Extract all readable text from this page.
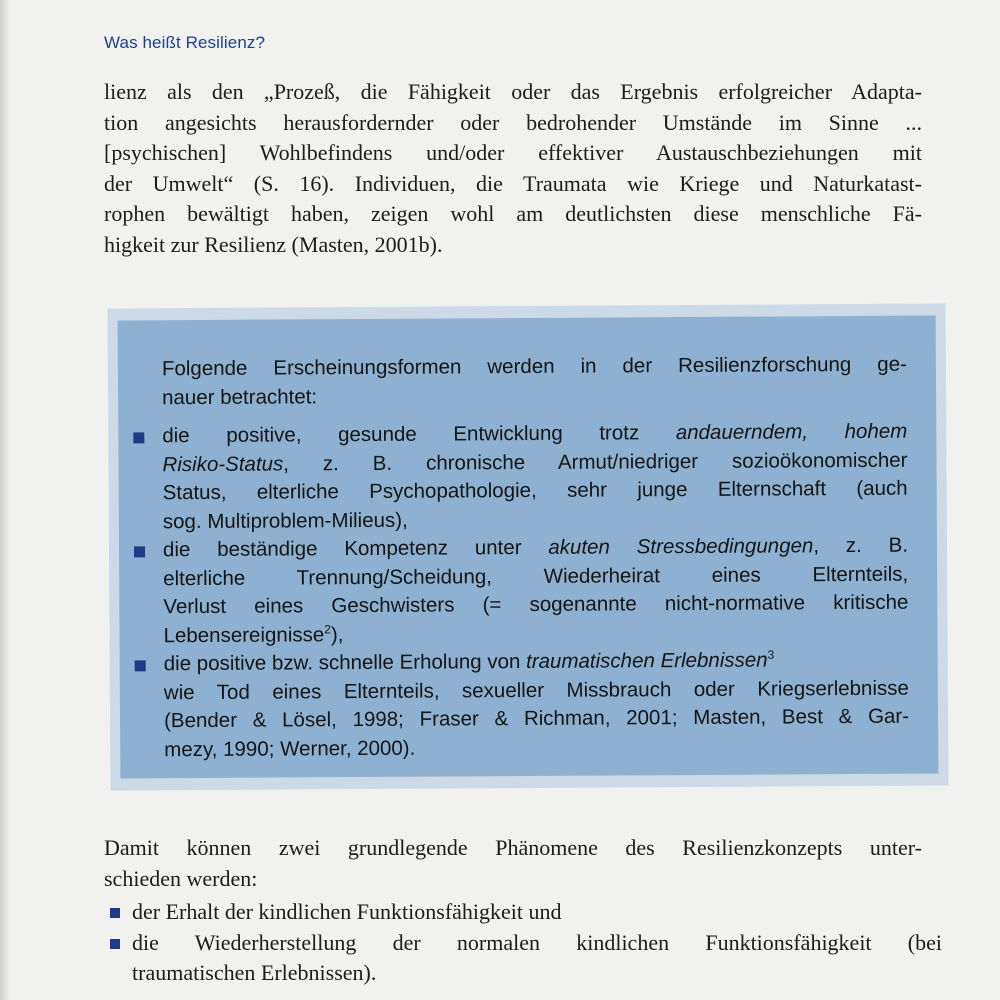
Was heißt Resilienz?
lienz als den „Prozeß, die Fähigkeit oder das Ergebnis erfolgreicher Adapta-
tion angesichts herausfordernder oder bedrohender Umstände im Sinne ...
[psychischen] Wohlbefindens und/oder effektiver Austauschbeziehungen mit
der Umwelt“ (S. 16). Individuen, die Traumata wie Kriege und Naturkatast-
rophen bewältigt haben, zeigen wohl am deutlichsten diese menschliche Fä-
higkeit zur Resilienz (Masten, 2001b).
Folgende Erscheinungsformen werden in der Resilienzforschung ge-
nauer betrachtet:
die positive, gesunde Entwicklung trotz andauerndem, hohem
Risiko-Status, z. B. chronische Armut/niedriger sozioökonomischer
Status, elterliche Psychopathologie, sehr junge Elternschaft (auch
sog. Multiproblem-Milieus),
die beständige Kompetenz unter akuten Stressbedingungen, z. B.
elterliche Trennung/Scheidung, Wiederheirat eines Elternteils,
Verlust eines Geschwisters (= sogenannte nicht-normative kritische
Lebensereignisse$^2$),
die positive bzw. schnelle Erholung von traumatischen Erlebnissen$^3$
wie Tod eines Elternteils, sexueller Missbrauch oder Kriegserlebnisse
(Bender & Lösel, 1998; Fraser & Richman, 2001; Masten, Best & Gar-
mezy, 1990; Werner, 2000).
Damit können zwei grundlegende Phänomene des Resilienzkonzepts unter-
schieden werden:
der Erhalt der kindlichen Funktionsfähigkeit und
die Wiederherstellung der normalen kindlichen Funktionsfähigkeit (bei
traumatischen Erlebnissen).
